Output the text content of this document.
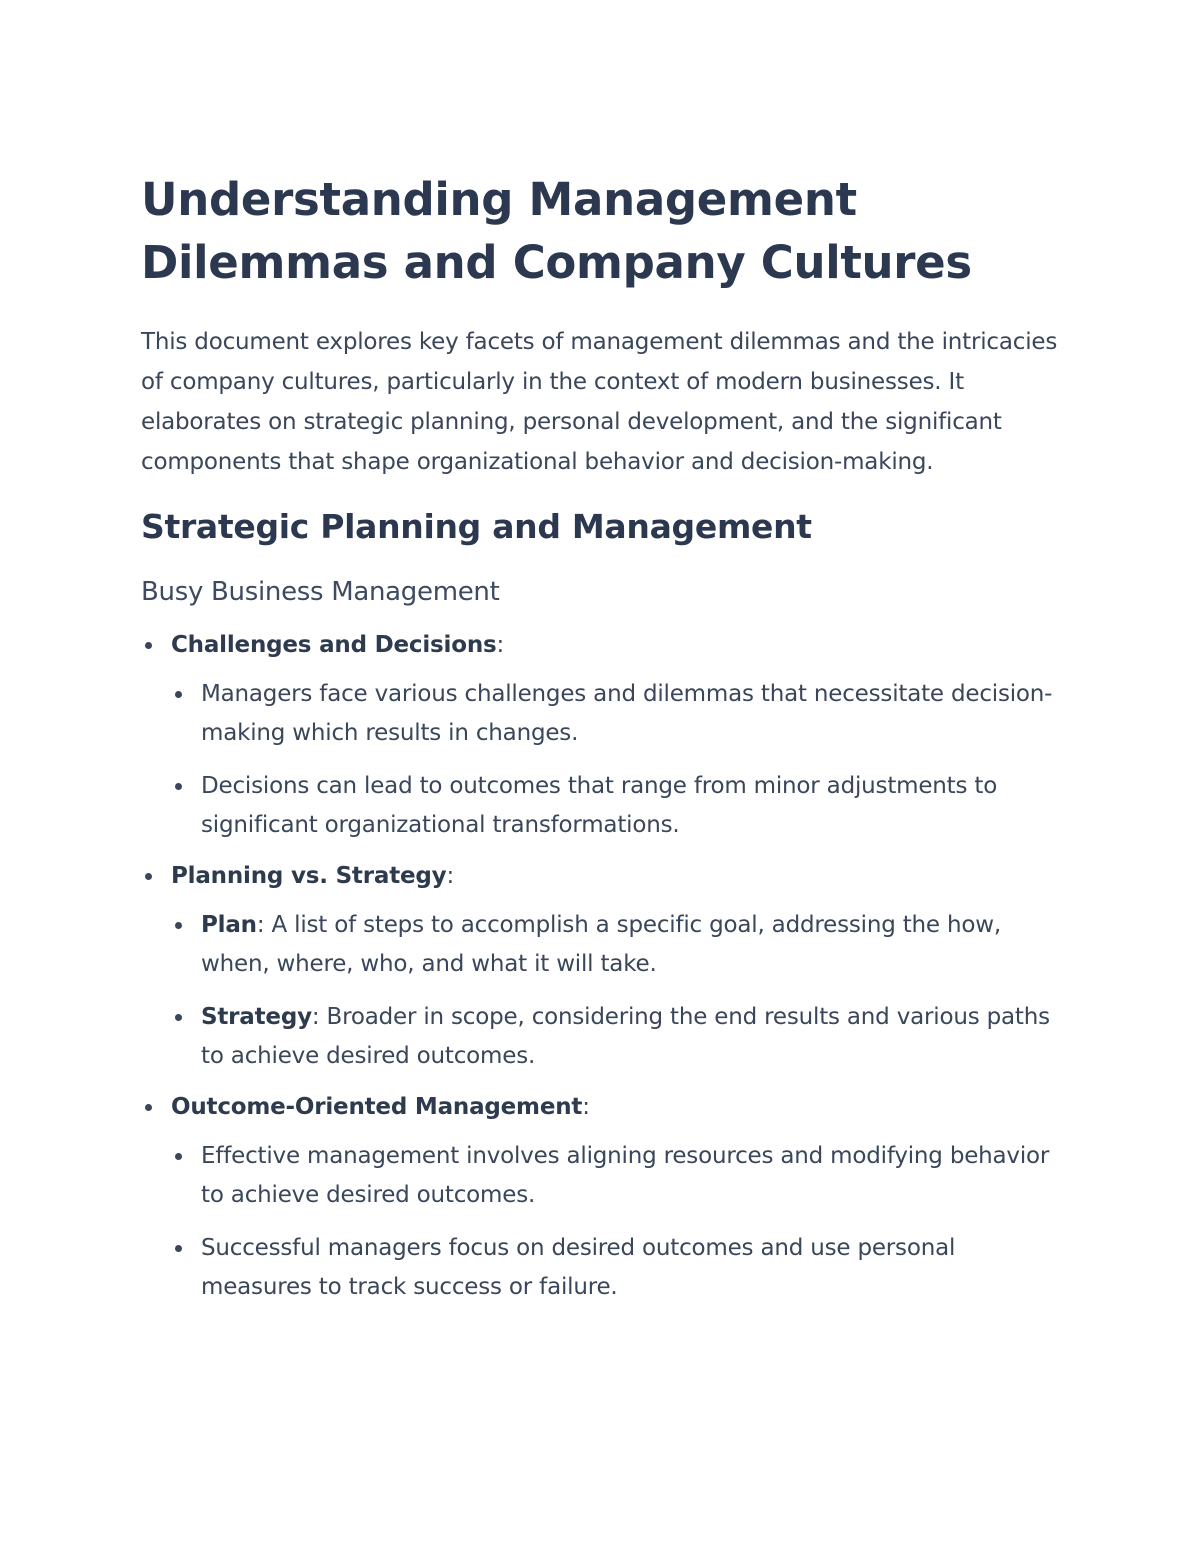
Understanding Management Dilemmas and Company Cultures

This document explores key facets of management dilemmas and the intricacies of company cultures, particularly in the context of modern businesses. It elaborates on strategic planning, personal development, and the significant components that shape organizational behavior and decision-making.

Strategic Planning and Management
Busy Business Management
Challenges and Decisions:
Managers face various challenges and dilemmas that necessitate decision-making which results in changes.
Decisions can lead to outcomes that range from minor adjustments to significant organizational transformations.
Planning vs. Strategy:
Plan: A list of steps to accomplish a specific goal, addressing the how, when, where, who, and what it will take.
Strategy: Broader in scope, considering the end results and various paths to achieve desired outcomes.
Outcome-Oriented Management:
Effective management involves aligning resources and modifying behavior to achieve desired outcomes.
Successful managers focus on desired outcomes and use personal measures to track success or failure.
